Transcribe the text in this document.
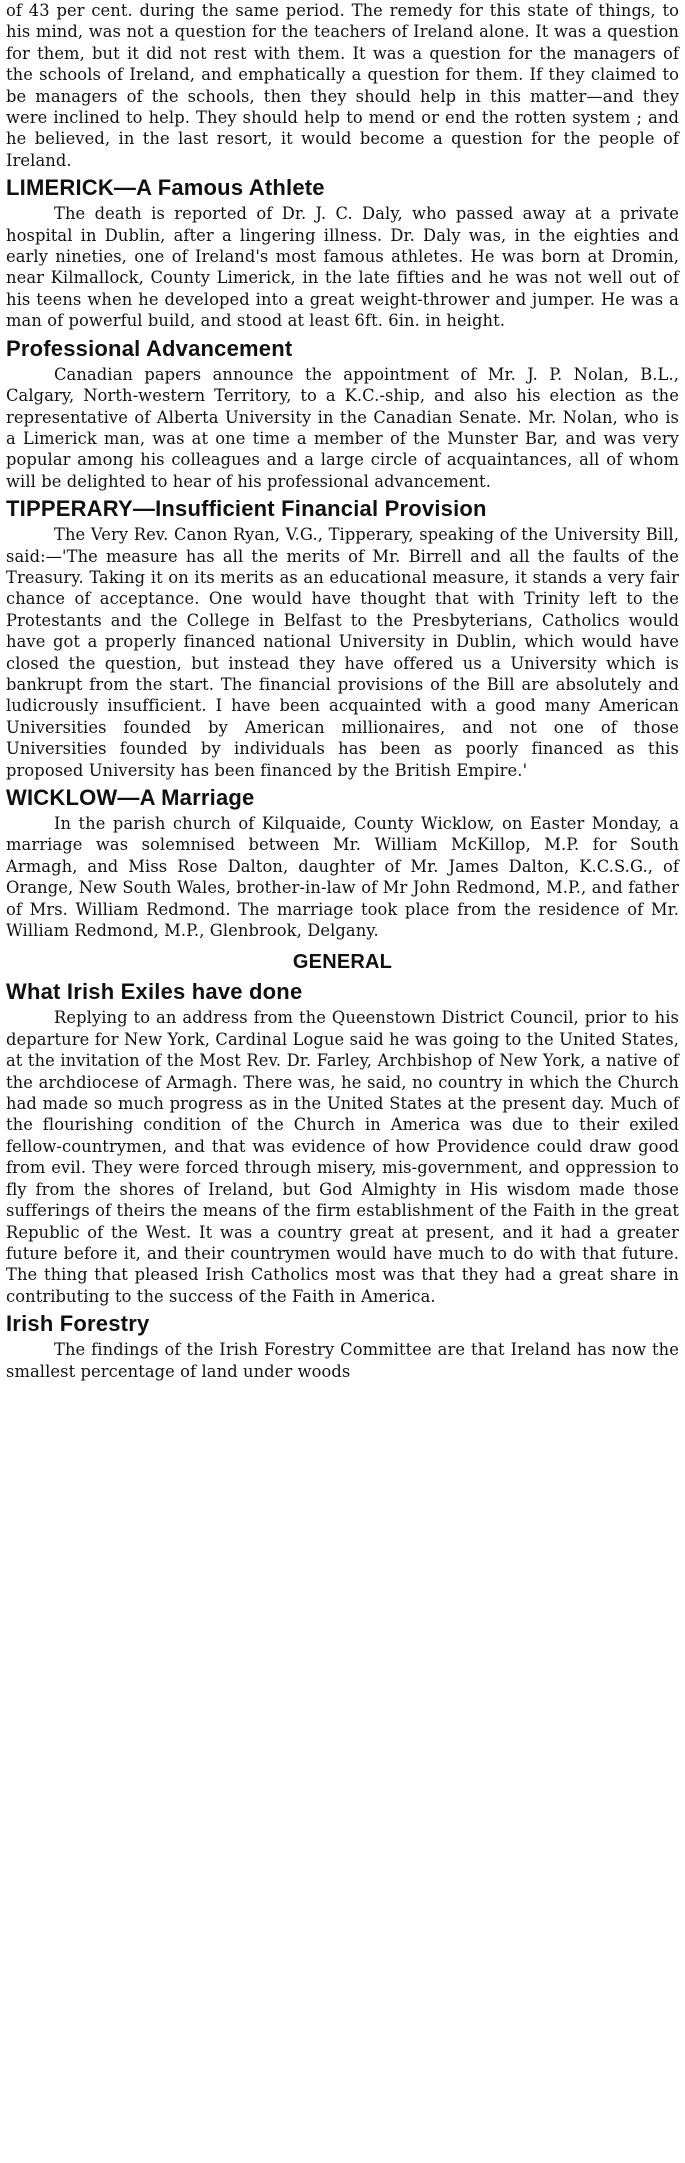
of 43 per cent. during the same period. The remedy for this state of things, to his mind, was not a question for the teachers of Ireland alone. It was a question for them, but it did not rest with them. It was a question for the managers of the schools of Ireland, and emphatically a question for them. If they claimed to be managers of the schools, then they should help in this matter—and they were inclined to help. They should help to mend or end the rotten system ; and he believed, in the last resort, it would become a question for the people of Ireland.

LIMERICK—A Famous Athlete

The death is reported of Dr. J. C. Daly, who passed away at a private hospital in Dublin, after a lingering illness. Dr. Daly was, in the eighties and early nineties, one of Ireland's most famous athletes. He was born at Dromin, near Kilmallock, County Limerick, in the late fifties and he was not well out of his teens when he developed into a great weight-thrower and jumper. He was a man of powerful build, and stood at least 6ft. 6in. in height.

Professional Advancement

Canadian papers announce the appointment of Mr. J. P. Nolan, B.L., Calgary, North-western Territory, to a K.C.-ship, and also his election as the representative of Alberta University in the Canadian Senate. Mr. Nolan, who is a Limerick man, was at one time a member of the Munster Bar, and was very popular among his colleagues and a large circle of acquaintances, all of whom will be delighted to hear of his professional advancement.

TIPPERARY—Insufficient Financial Provision

The Very Rev. Canon Ryan, V.G., Tipperary, speaking of the University Bill, said:—'The measure has all the merits of Mr. Birrell and all the faults of the Treasury. Taking it on its merits as an educational measure, it stands a very fair chance of acceptance. One would have thought that with Trinity left to the Protestants and the College in Belfast to the Presbyterians, Catholics would have got a properly financed national University in Dublin, which would have closed the question, but instead they have offered us a University which is bankrupt from the start. The financial provisions of the Bill are absolutely and ludicrously insufficient. I have been acquainted with a good many American Universities founded by American millionaires, and not one of those Universities founded by individuals has been as poorly financed as this proposed University has been financed by the British Empire.'

WICKLOW—A Marriage

In the parish church of Kilquaide, County Wicklow, on Easter Monday, a marriage was solemnised between Mr. William McKillop, M.P. for South Armagh, and Miss Rose Dalton, daughter of Mr. James Dalton, K.C.S.G., of Orange, New South Wales, brother-in-law of Mr John Redmond, M.P., and father of Mrs. William Redmond. The marriage took place from the residence of Mr. William Redmond, M.P., Glenbrook, Delgany.

GENERAL
What Irish Exiles have done

Replying to an address from the Queenstown District Council, prior to his departure for New York, Cardinal Logue said he was going to the United States, at the invitation of the Most Rev. Dr. Farley, Archbishop of New York, a native of the archdiocese of Armagh. There was, he said, no country in which the Church had made so much progress as in the United States at the present day. Much of the flourishing condition of the Church in America was due to their exiled fellow-countrymen, and that was evidence of how Providence could draw good from evil. They were forced through misery, mis-government, and oppression to fly from the shores of Ireland, but God Almighty in His wisdom made those sufferings of theirs the means of the firm establishment of the Faith in the great Republic of the West. It was a country great at present, and it had a greater future before it, and their countrymen would have much to do with that future. The thing that pleased Irish Catholics most was that they had a great share in contributing to the success of the Faith in America.

Irish Forestry

The findings of the Irish Forestry Committee are that Ireland has now the smallest percentage of land under woods
